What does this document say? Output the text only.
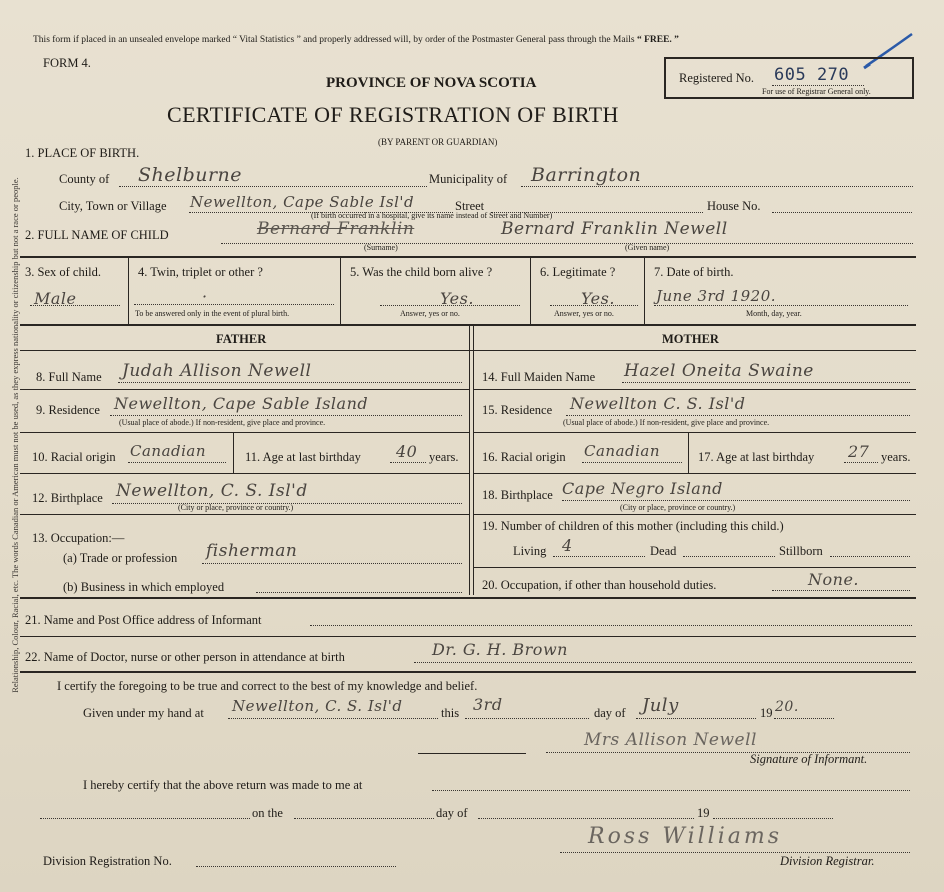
Relationship, Colour, Racial, etc. The words Canadian or American must not be used, as they express nationality or citizenship but not a race or people.
This form if placed in an unsealed envelope marked “ Vital Statistics ” and properly addressed will, by order of the Postmaster General pass through the Mails “ FREE. ”
FORM 4.
PROVINCE OF NOVA SCOTIA
CERTIFICATE OF REGISTRATION OF BIRTH
(BY PARENT OR GUARDIAN)
Registered No. 605 270
For use of Registrar General only.
1. PLACE OF BIRTH.
County of Shelburne	Municipality of Barrington
City, Town or Village Newellton, Cape Sable Isl'd	Street	House No.
(If birth occurred in a hospital, give its name instead of Street and Number)
2. FULL NAME OF CHILD	Bernard Franklin	Bernard Franklin Newell
(Surname)	(Given name)
3. Sex of child.
Male
4. Twin, triplet or other ?
·
To be answered only in the event of plural birth.
5. Was the child born alive ?
Yes.
Answer, yes or no.
6. Legitimate ?
Yes.
Answer, yes or no.
7. Date of birth.
June 3rd 1920.
Month, day, year.
FATHER	MOTHER
8. Full Name Judah Allison Newell
9. Residence Newellton, Cape Sable Island
(Usual place of abode.) If non-resident, give place and province.
10. Racial origin Canadian	11. Age at last birthday 40 years.
12. Birthplace Newellton, C. S. Isl'd
(City or place, province or country.)
13. Occupation:—
(a) Trade or profession fisherman
(b) Business in which employed
14. Full Maiden Name Hazel Oneita Swaine
15. Residence Newellton C. S. Isl'd
(Usual place of abode.) If non-resident, give place and province.
16. Racial origin Canadian	17. Age at last birthday 27 years.
18. Birthplace Cape Negro Island
(City or place, province or country.)
19. Number of children of this mother (including this child.)
Living 4	Dead	Stillborn
20. Occupation, if other than household duties.	None.
21. Name and Post Office address of Informant
22. Name of Doctor, nurse or other person in attendance at birth	Dr. G. H. Brown
I certify the foregoing to be true and correct to the best of my knowledge and belief.
Given under my hand at Newellton, C. S. Isl'd	this 3rd	day of July	19 20.
Mrs Allison Newell
Signature of Informant.
I hereby certify that the above return was made to me at
on the	day of	19
Ross Williams
Division Registration No.	Division Registrar.
